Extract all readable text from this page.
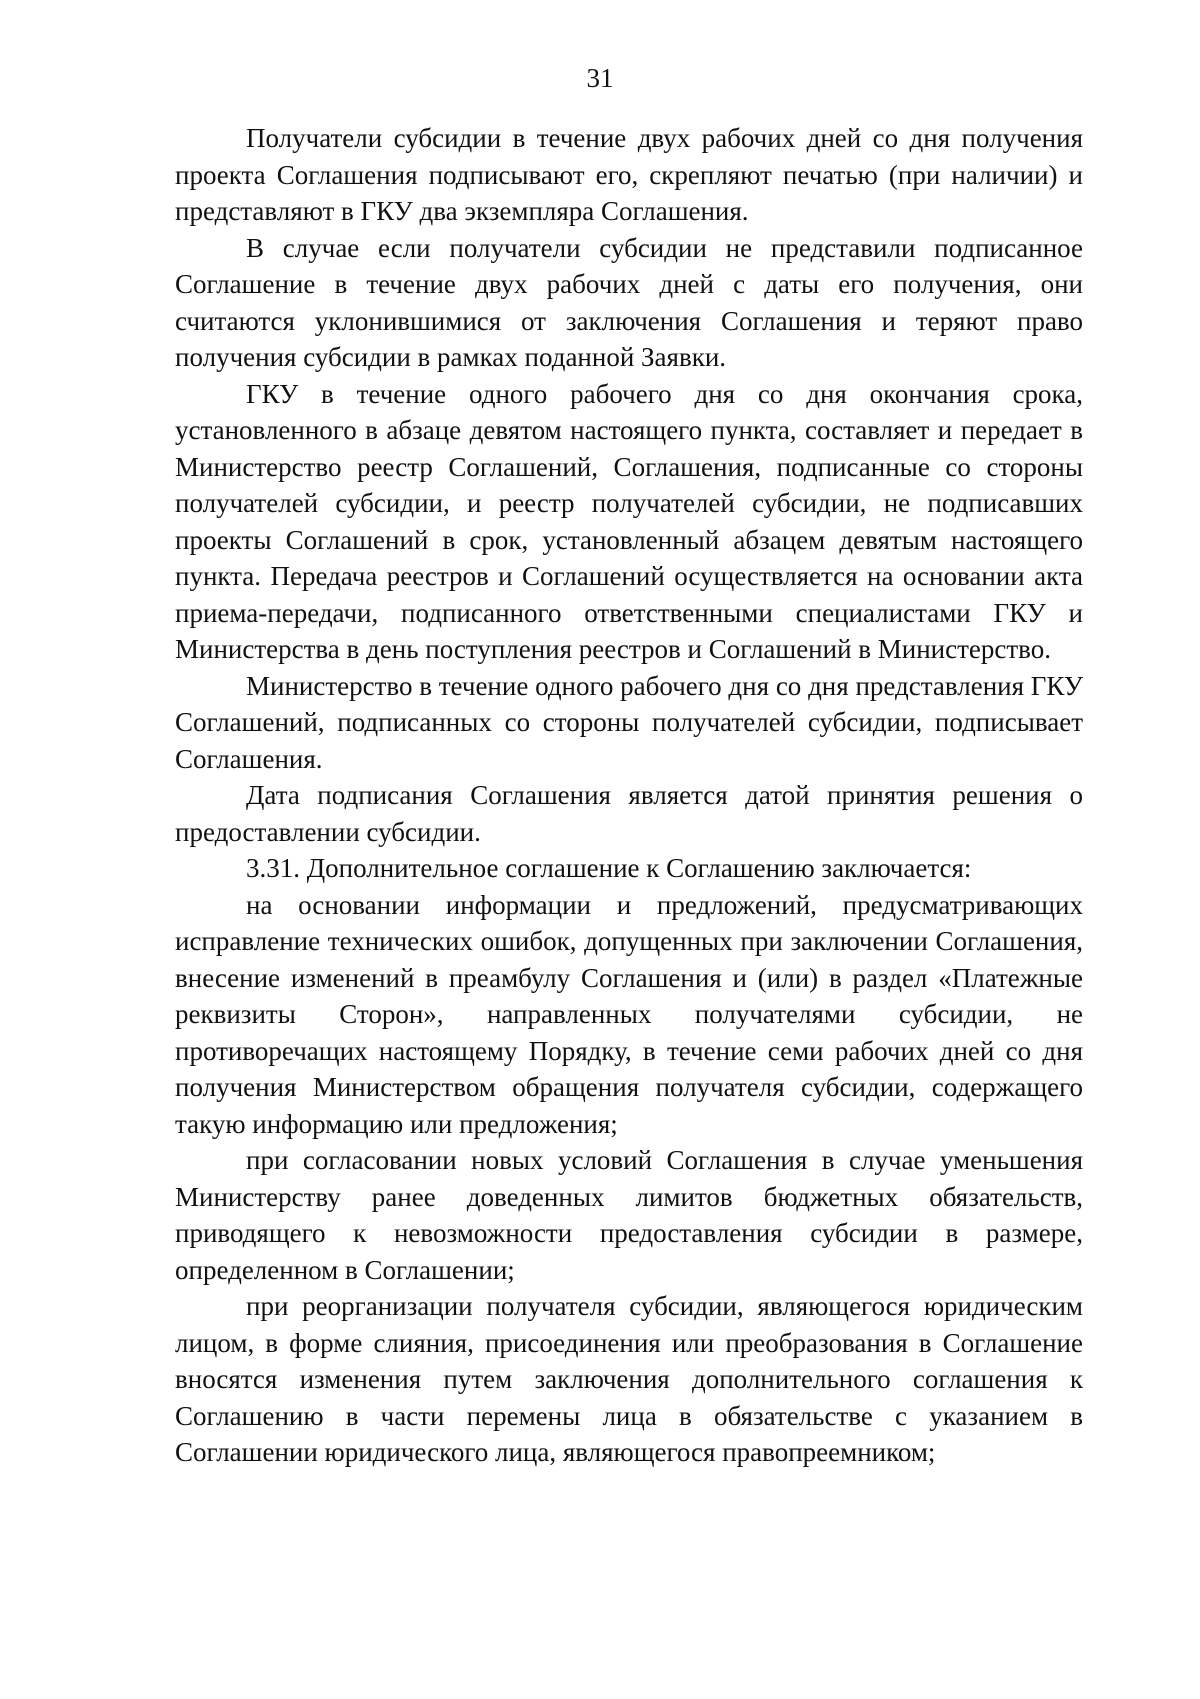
31

Получатели субсидии в течение двух рабочих дней со дня получения проекта Соглашения подписывают его, скрепляют печатью (при наличии) и представляют в ГКУ два экземпляра Соглашения.

В случае если получатели субсидии не представили подписанное Соглашение в течение двух рабочих дней с даты его получения, они считаются уклонившимися от заключения Соглашения и теряют право получения субсидии в рамках поданной Заявки.

ГКУ в течение одного рабочего дня со дня окончания срока, установленного в абзаце девятом настоящего пункта, составляет и передает в Министерство реестр Соглашений, Соглашения, подписанные со стороны получателей субсидии, и реестр получателей субсидии, не подписавших проекты Соглашений в срок, установленный абзацем девятым настоящего пункта. Передача реестров и Соглашений осуществляется на основании акта приема-передачи, подписанного ответственными специалистами ГКУ и Министерства в день поступления реестров и Соглашений в Министерство.

Министерство в течение одного рабочего дня со дня представления ГКУ Соглашений, подписанных со стороны получателей субсидии, подписывает Соглашения.

Дата подписания Соглашения является датой принятия решения о предоставлении субсидии.

3.31. Дополнительное соглашение к Соглашению заключается:

на основании информации и предложений, предусматривающих исправление технических ошибок, допущенных при заключении Соглашения, внесение изменений в преамбулу Соглашения и (или) в раздел «Платежные реквизиты Сторон», направленных получателями субсидии, не противоречащих настоящему Порядку, в течение семи рабочих дней со дня получения Министерством обращения получателя субсидии, содержащего такую информацию или предложения;

при согласовании новых условий Соглашения в случае уменьшения Министерству ранее доведенных лимитов бюджетных обязательств, приводящего к невозможности предоставления субсидии в размере, определенном в Соглашении;

при реорганизации получателя субсидии, являющегося юридическим лицом, в форме слияния, присоединения или преобразования в Соглашение вносятся изменения путем заключения дополнительного соглашения к Соглашению в части перемены лица в обязательстве с указанием в Соглашении юридического лица, являющегося правопреемником;
